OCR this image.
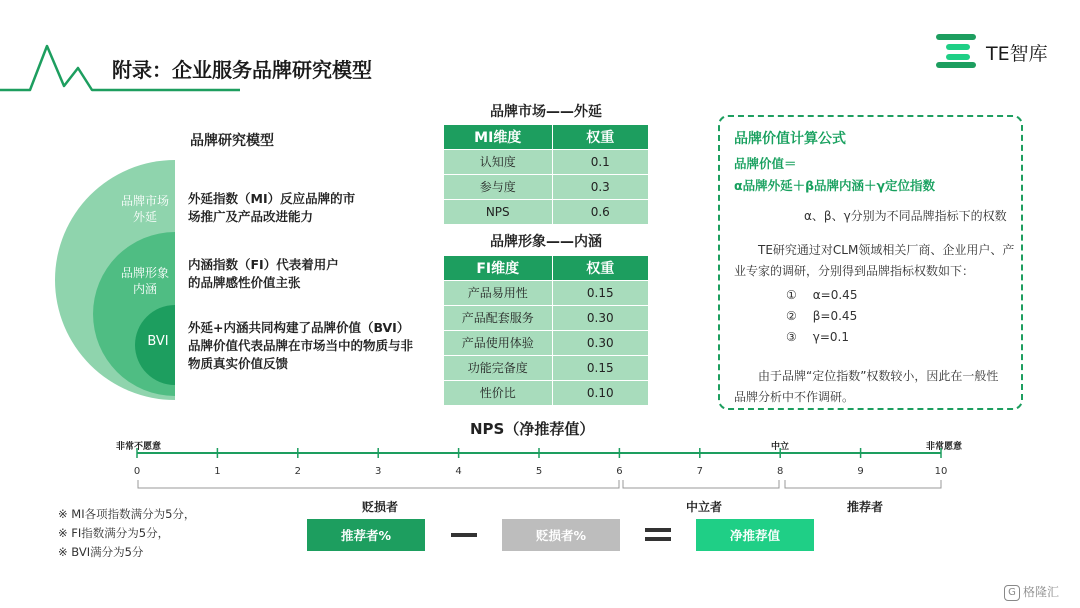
附录：企业服务品牌研究模型
TE智库
品牌研究模型
品牌市场
外延
品牌形象
内涵
BVI
外延指数（MI）反应品牌的市
场推广及产品改进能力
内涵指数（FI）代表着用户
的品牌感性价值主张
外延+内涵共同构建了品牌价值（BVI）
品牌价值代表品牌在市场当中的物质与非
物质真实价值反馈
品牌市场——外延
MI维度	权重
认知度	0.1
参与度	0.3
NPS	0.6
品牌形象——内涵
FI维度	权重
产品易用性	0.15
产品配套服务	0.30
产品使用体验	0.30
功能完备度	0.15
性价比	0.10
品牌价值计算公式
品牌价值＝
α品牌外延＋β品牌内涵＋γ定位指数
α、β、γ分别为不同品牌指标下的权数
TE研究通过对CLM领域相关厂商、企业用户、产
业专家的调研，分别得到品牌指标权数如下：
① α=0.45
② β=0.45
③ γ=0.1
由于品牌“定位指数”权数较小，因此在一般性
品牌分析中不作调研。
NPS（净推荐值）
非常不愿意	中立	非常愿意
0	1	2	3	4	5	6	7	8	9	10
贬损者	中立者	推荐者
推荐者%	贬损者%	净推荐值
※ MI各项指数满分为5分，
※ FI指数满分为5分，
※ BVI满分为5分
G 格隆汇
